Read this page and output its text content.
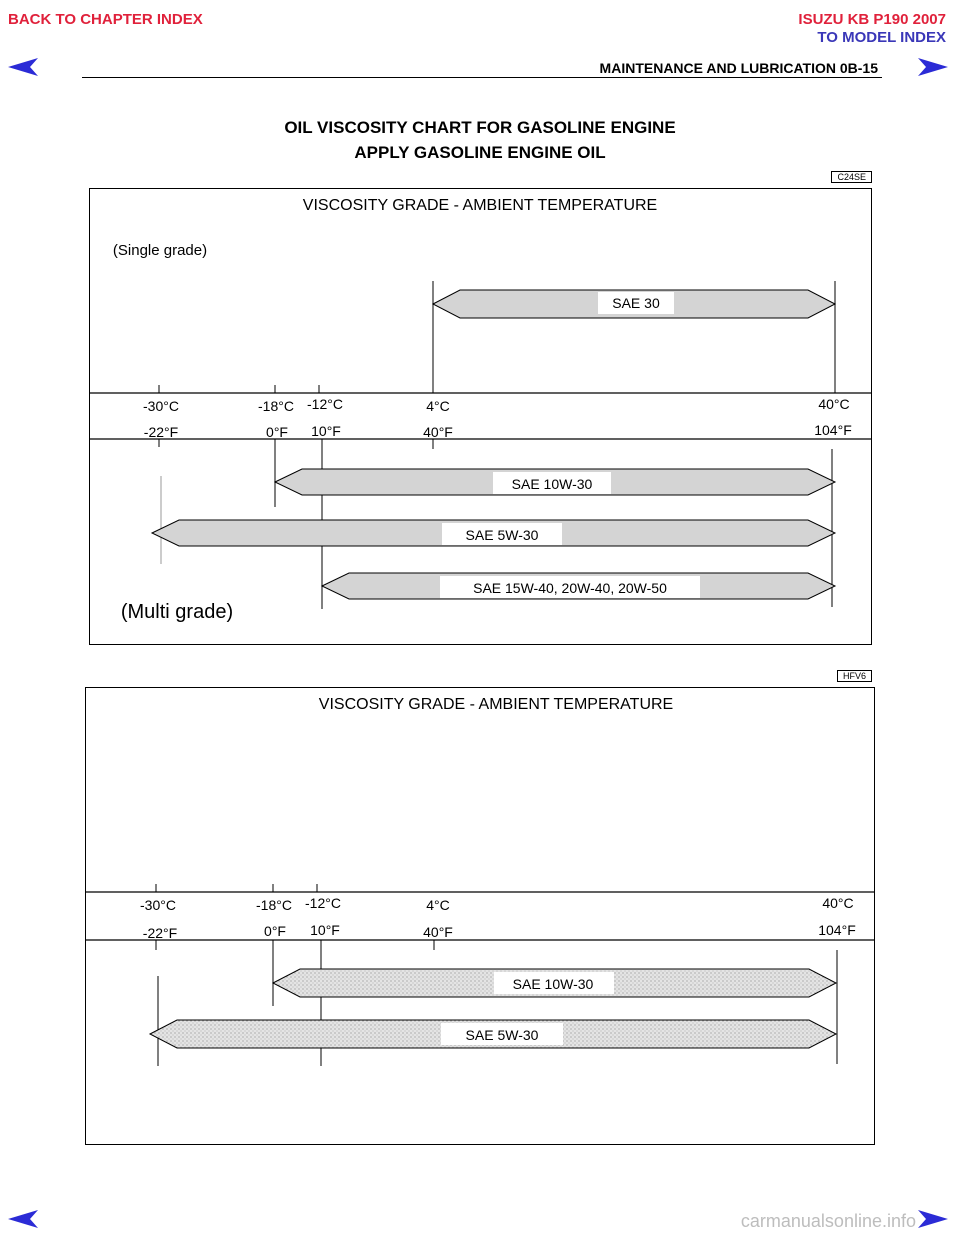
BACK TO CHAPTER INDEX	ISUZU KB P190 2007
TO MODEL INDEX
MAINTENANCE AND LUBRICATION 0B-15
OIL VISCOSITY CHART FOR GASOLINE ENGINE
APPLY GASOLINE ENGINE OIL
C24SE
VISCOSITY GRADE - AMBIENT TEMPERATURE
(Single grade)
(Multi grade)
-30°C	-18°C -12°C	4°C	40°C
-22°F	0°F 10°F	40°F	104°F
SAE 30
SAE 10W-30
SAE 5W-30
SAE 15W-40, 20W-40, 20W-50
HFV6
VISCOSITY GRADE - AMBIENT TEMPERATURE
-30°C	-18°C -12°C	4°C	40°C
-22°F	0°F 10°F	40°F	104°F
SAE 10W-30
SAE 5W-30
carmanualsonline.info
